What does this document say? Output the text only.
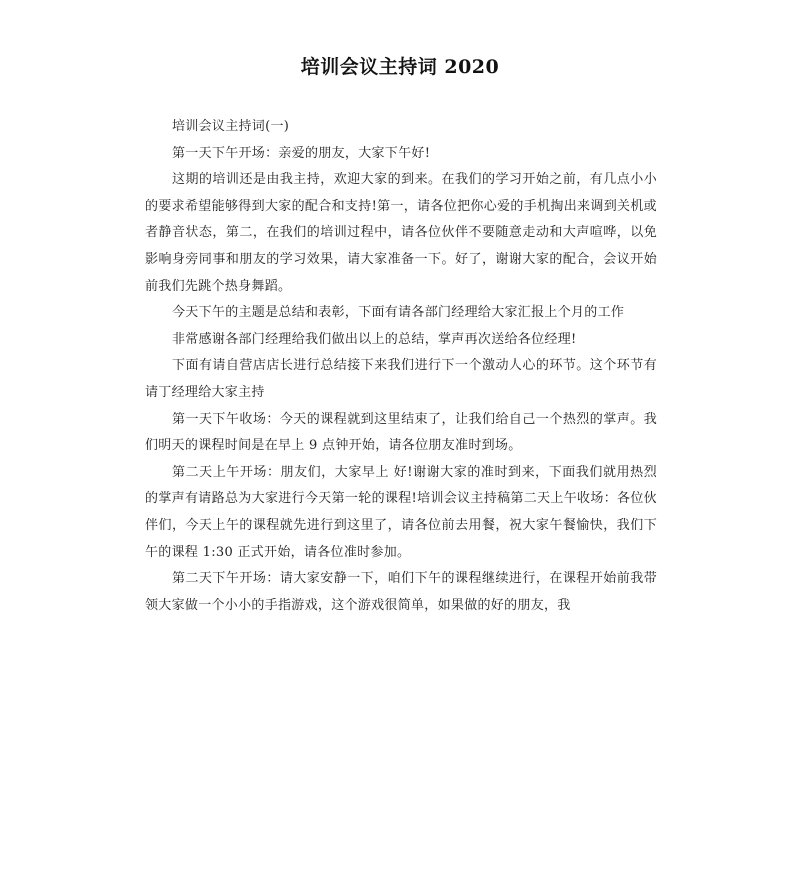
培训会议主持词 2020

培训会议主持词(一)

第一天下午开场：亲爱的朋友，大家下午好!

这期的培训还是由我主持，欢迎大家的到来。在我们的学习开始之前，有几点小小的要求希望能够得到大家的配合和支持!第一，请各位把你心爱的手机掏出来调到关机或者静音状态，第二，在我们的培训过程中，请各位伙伴不要随意走动和大声喧哗，以免影响身旁同事和朋友的学习效果，请大家准备一下。好了，谢谢大家的配合，会议开始前我们先跳个热身舞蹈。

今天下午的主题是总结和表彰，下面有请各部门经理给大家汇报上个月的工作

非常感谢各部门经理给我们做出以上的总结，掌声再次送给各位经理!

下面有请自营店店长进行总结接下来我们进行下一个激动人心的环节。这个环节有请丁经理给大家主持

第一天下午收场：今天的课程就到这里结束了，让我们给自己一个热烈的掌声。我们明天的课程时间是在早上 9 点钟开始，请各位朋友准时到场。

第二天上午开场：朋友们，大家早上 好!谢谢大家的准时到来，下面我们就用热烈的掌声有请路总为大家进行今天第一轮的课程!培训会议主持稿第二天上午收场：各位伙伴们，今天上午的课程就先进行到这里了，请各位前去用餐，祝大家午餐愉快，我们下午的课程 1:30 正式开始，请各位准时参加。

第二天下午开场：请大家安静一下，咱们下午的课程继续进行，在课程开始前我带领大家做一个小小的手指游戏，这个游戏很简单，如果做的好的朋友，我
